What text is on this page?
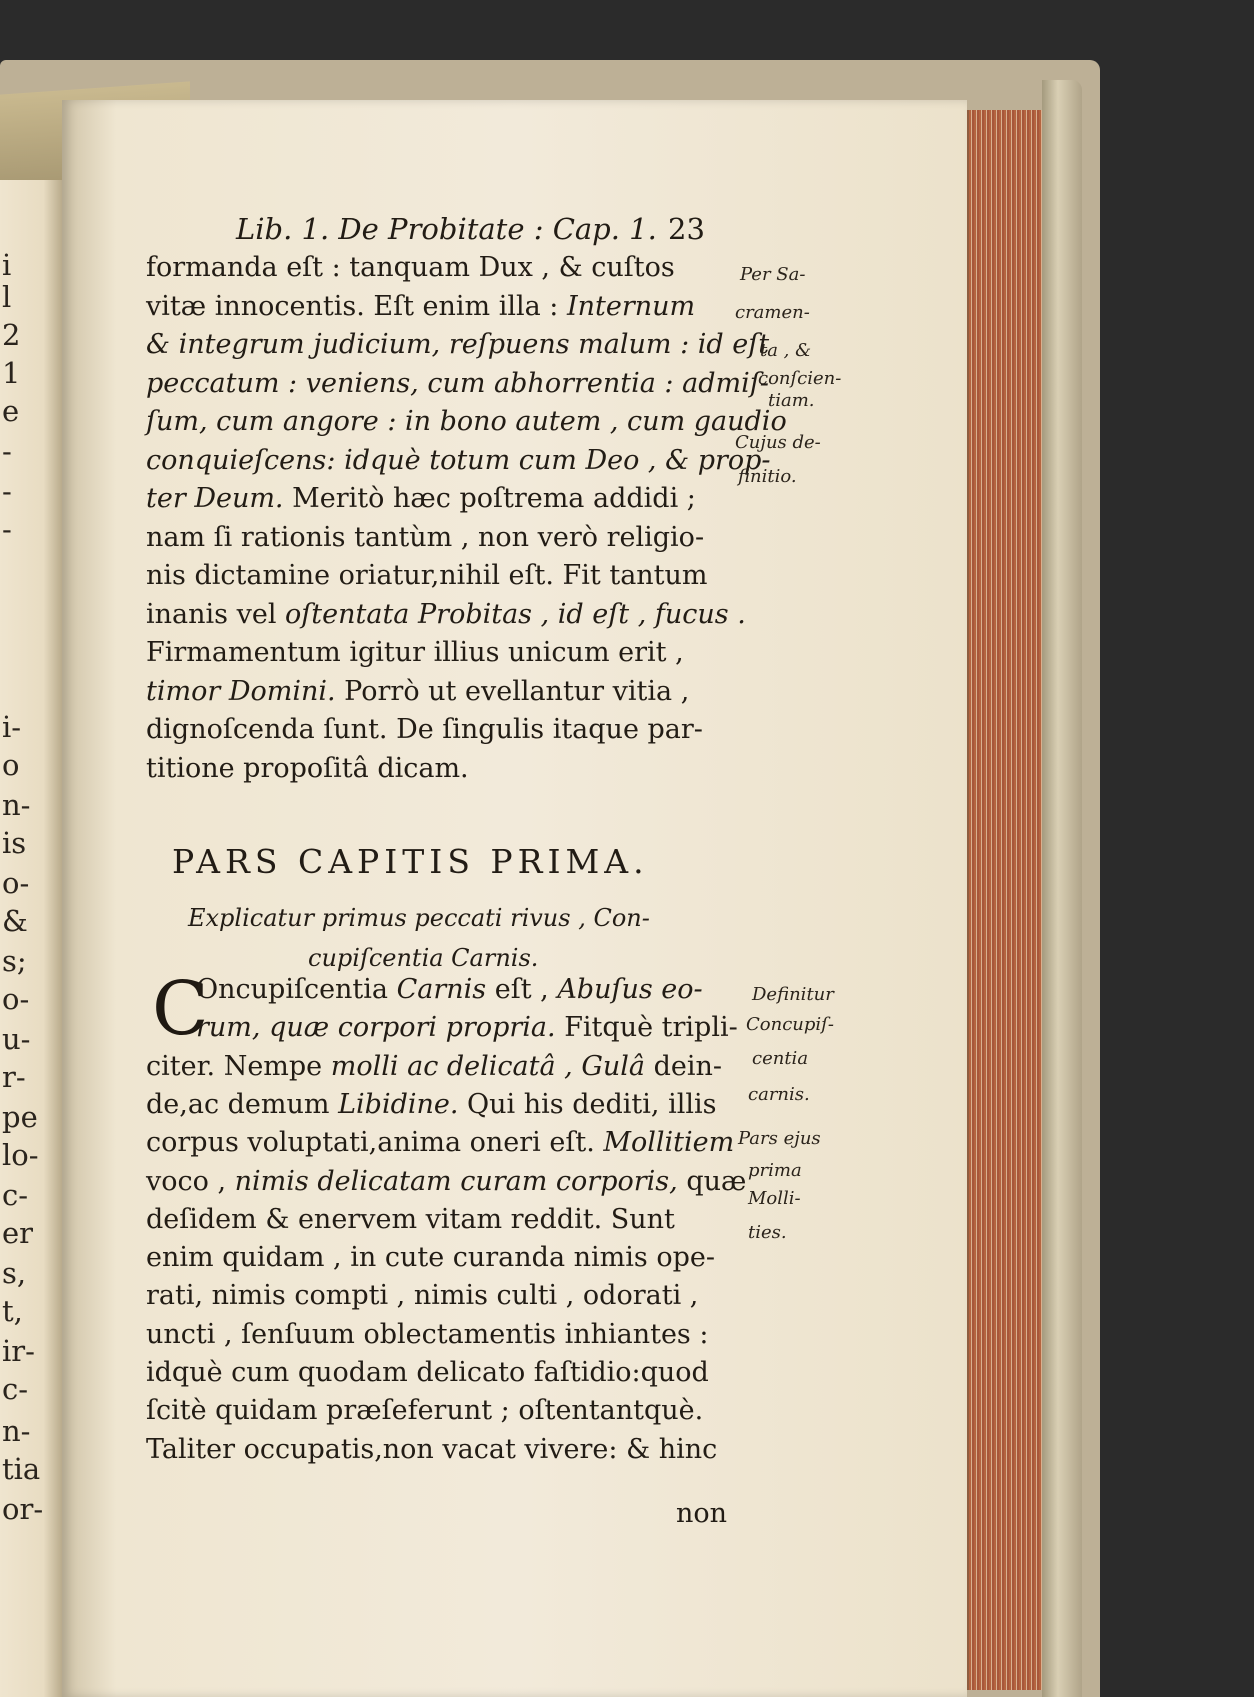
i
l
2
1
e
-
-
-
i-
o
n-
is
o-
&
s;
o-
u-
r-
pe
lo-
c-
er
s,
t,
ir-
c-
n-
tia
or-
Lib. 1. De Probitate : Cap. 1. 23
formanda eſt : tanquam Dux , & cuſtos
vitæ innocentis. Eſt enim illa : Internum
& integrum judicium, reſpuens malum : id eſt
peccatum : veniens, cum abhorrentia : admiſ-
ſum, cum angore : in bono autem , cum gaudio
conquieſcens: idquè totum cum Deo , & prop-
ter Deum. Meritò hæc poſtrema addidi ;
nam ſi rationis tantùm , non verò religio-
nis dictamine oriatur,nihil eſt. Fit tantum
inanis vel oſtentata Probitas , id eſt , fucus .
Firmamentum igitur illius unicum erit ,
timor Domini. Porrò ut evellantur vitia ,
dignoſcenda ſunt. De ſingulis itaque par-
titione propoſitâ dicam.
PARS CAPITIS PRIMA.
Explicatur primus peccati rivus , Con-
cupiſcentia Carnis.
C
Oncupiſcentia Carnis eſt , Abuſus eo-
rum, quæ corpori propria. Fitquè tripli-
citer. Nempe molli ac delicatâ , Gulâ dein-
de,ac demum Libidine. Qui his dediti, illis
corpus voluptati,anima oneri eſt. Mollitiem
voco , nimis delicatam curam corporis, quæ
deſidem & enervem vitam reddit. Sunt
enim quidam , in cute curanda nimis ope-
rati, nimis compti , nimis culti , odorati ,
uncti , ſenſuum oblectamentis inhiantes :
idquè cum quodam delicato faſtidio:quod
ſcitè quidam præſeferunt ; oſtentantquè.
Taliter occupatis,non vacat vivere: & hinc
non
Per Sa-
cramen-
ta , &
conſcien-
tiam.
Cujus de-
finitio.
Definitur
Concupiſ-
centia
carnis.
Pars ejus
prima
Molli-
ties.
